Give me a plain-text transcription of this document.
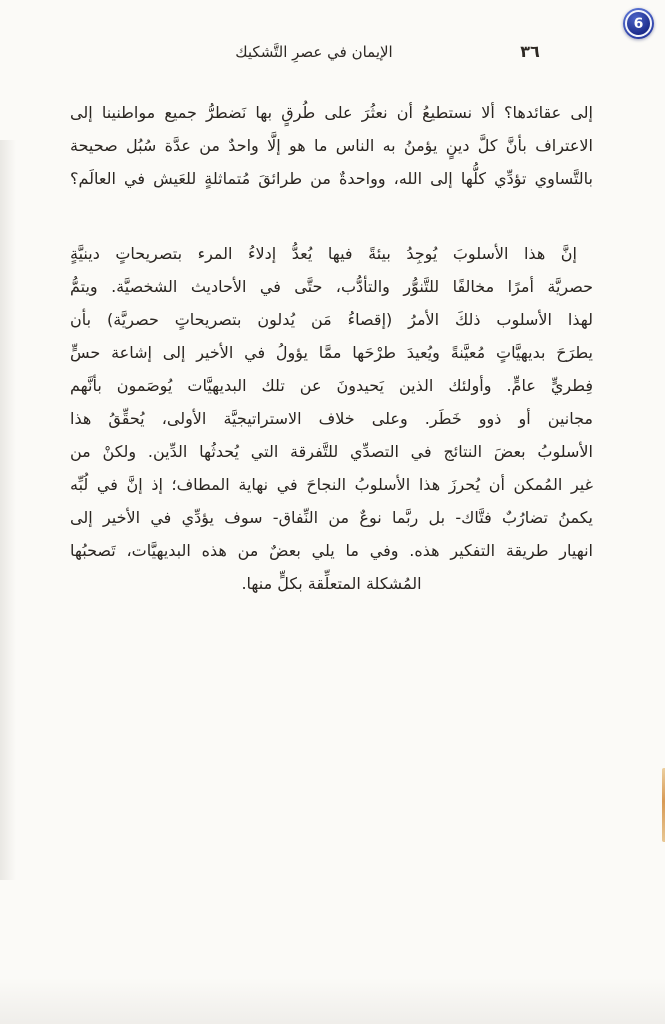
6
الإيمان في عصرِ التَّشكيك	٣٦
إلى عقائدها؟ ألا نستطيعُ أن نعثُرَ على طُرقٍ بها نَضطرُّ جميع مواطنينا إلى
الاعتراف بأنَّ كلَّ دينٍ يؤمنُ به الناس ما هو إلَّا واحدٌ من عدَّة سُبُل صحيحة
بالتَّساوي تؤدِّي كلُّها إلى الله، وواحدةٌ من طرائقَ مُتماثلةٍ للعَيش في العالَم؟
إنَّ هذا الأسلوبَ يُوجِدُ بيئةً فيها يُعدُّ إدلاءُ المرء بتصريحاتٍ دينيَّةٍ
حصريَّة أمرًا مخالفًا للتَّنوُّر والتأدُّب، حتَّى في الأحاديث الشخصيَّة. ويتمُّ
لهذا الأسلوب ذلكَ الأمرُ (إقصاءُ مَن يُدلون بتصريحاتٍ حصريَّة) بأن
يطرَحَ بديهيَّاتٍ مُعيَّنةً ويُعيدَ طرْحَها ممَّا يؤولُ في الأخير إلى إشاعة حسٍّ
فِطريٍّ عامٍّ. وأولئك الذين يَحيدونَ عن تلك البديهيَّات يُوصَمون بأنَّهم
مجانين أو ذوو خَطَر. وعلى خلاف الاستراتيجيَّة الأولى، يُحقِّقُ هذا
الأسلوبُ بعضَ النتائج في التصدِّي للتَّفرقة التي يُحدثُها الدِّين. ولكنْ من
غير المُمكن أن يُحرزَ هذا الأسلوبُ النجاحَ في نهاية المطاف؛ إذ إنَّ في لُبِّه
يكمنُ تضارُبٌ فتَّاك- بل ربَّما نوعٌ من النِّفاق- سوف يؤدِّي في الأخير إلى
انهيار طريقة التفكير هذه. وفي ما يلي بعضٌ من هذه البديهيَّات، تَصحبُها
المُشكلة المتعلِّقة بكلٍّ منها.
